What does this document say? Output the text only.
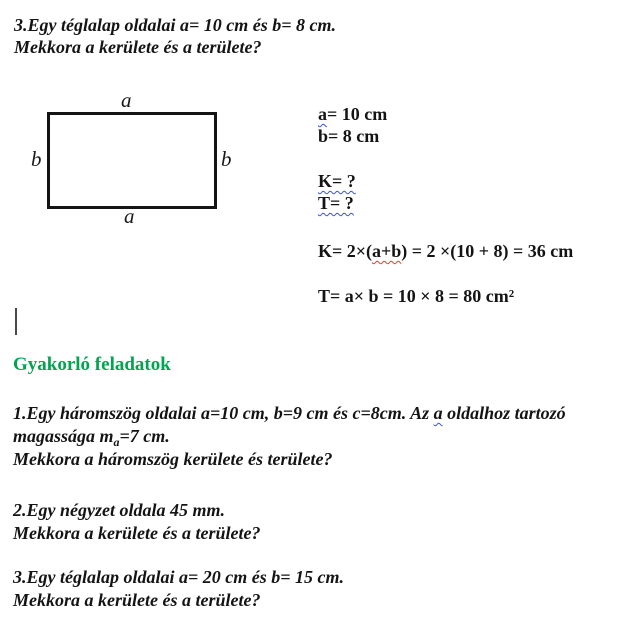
3.Egy téglalap oldalai a= 10 cm és b= 8 cm.
Mekkora a kerülete és a területe?
a
b	b
a
a= 10 cm
b= 8 cm
K= ?
T= ?
K= 2×(a+b) = 2 ×(10 + 8) = 36 cm
T= a× b = 10 × 8 = 80 cm²
Gyakorló feladatok
1.Egy háromszög oldalai a=10 cm, b=9 cm és c=8cm. Az a oldalhoz tartozó
magassága $m_a=7$ cm.
Mekkora a háromszög kerülete és területe?
2.Egy négyzet oldala 45 mm.
Mekkora a kerülete és a területe?
3.Egy téglalap oldalai a= 20 cm és b= 15 cm.
Mekkora a kerülete és a területe?
